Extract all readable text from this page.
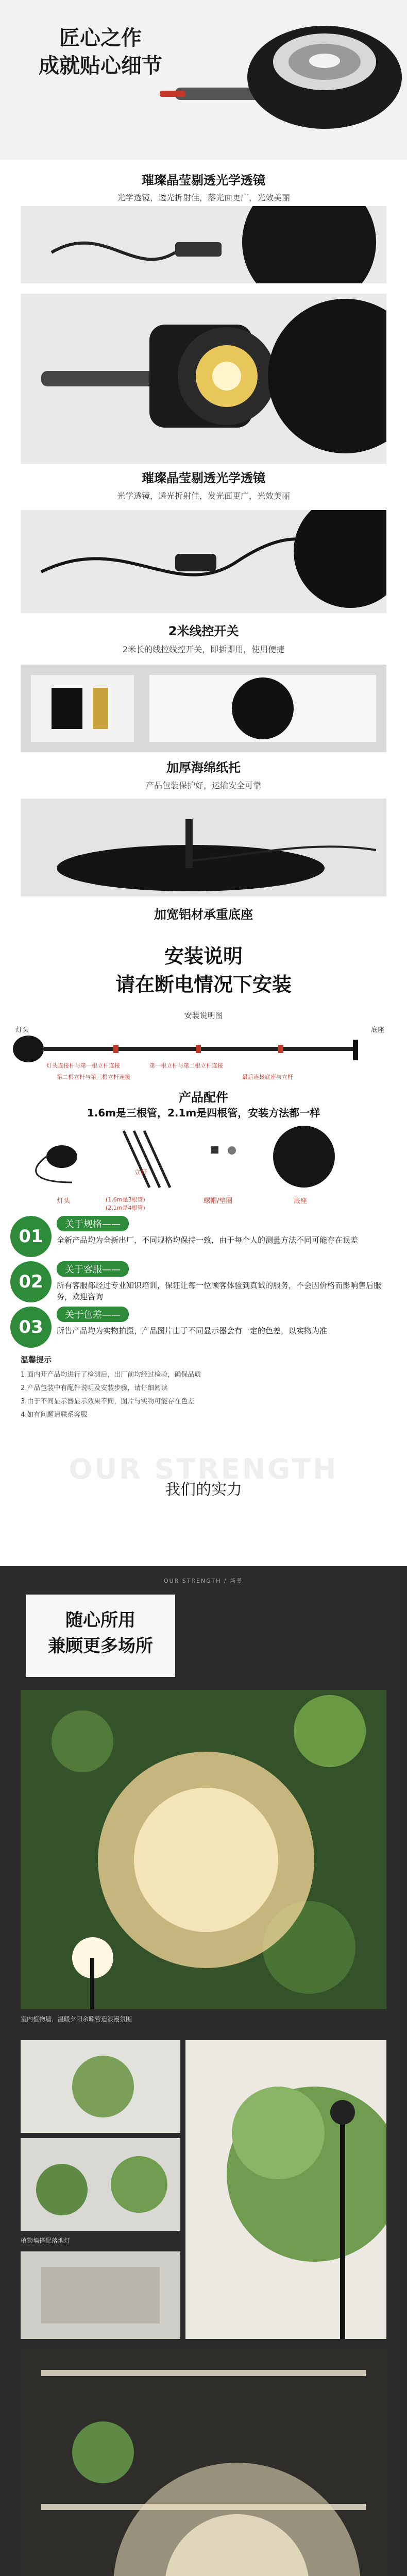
匠心之作
成就贴心细节
璀璨晶莹剔透光学透镜
光学透镜，透光折射佳，落光面更广，光效美丽
璀璨晶莹剔透光学透镜
光学透镜，透光折射佳，发光面更广，光效美丽
2米线控开关
2米长的线控线控开关，即插即用，使用便捷
加厚海绵纸托
产品包装保护好，运输安全可靠
加宽铝材承重底座
安装说明
请在断电情况下安装
安装说明图
灯头	底座
灯头连接杆与第一根立杆连接	第一根立杆与第二根立杆连接
第二根立杆与第三根立杆连接	最后连接底座与立杆
产品配件
1.6m是三根管，2.1m是四根管，安装方法都一样
灯头
立杆
(1.6m是3根管)
(2.1m是4根管)
螺帽/垫圈	底座
01
关于规格——
全新产品均为全新出厂，不同规格均保持一致，由于每个人的测量方法不同可能存在误差
02
关于客服——
所有客服都经过专业知识培训，保证让每一位顾客体验到真诚的服务，不会因价格而影响售后服务，欢迎咨询
03
关于色差——
所售产品均为实物拍摄，产品图片由于不同显示器会有一定的色差，以实物为准
温馨提示
1.面内开产品均进行了检测后，出厂前均经过检验，确保品质
2.产品包装中有配件说明及安装步骤，请仔细阅读
3.由于不同显示器显示效果不同，图片与实物可能存在色差
4.如有问题请联系客服
OUR STRENGTH
我们的实力
OUR STRENGTH / 场景
随心所用
兼顾更多场所
室内植物墙，温暖夕阳余晖营造浪漫氛围
植物墙搭配落地灯
